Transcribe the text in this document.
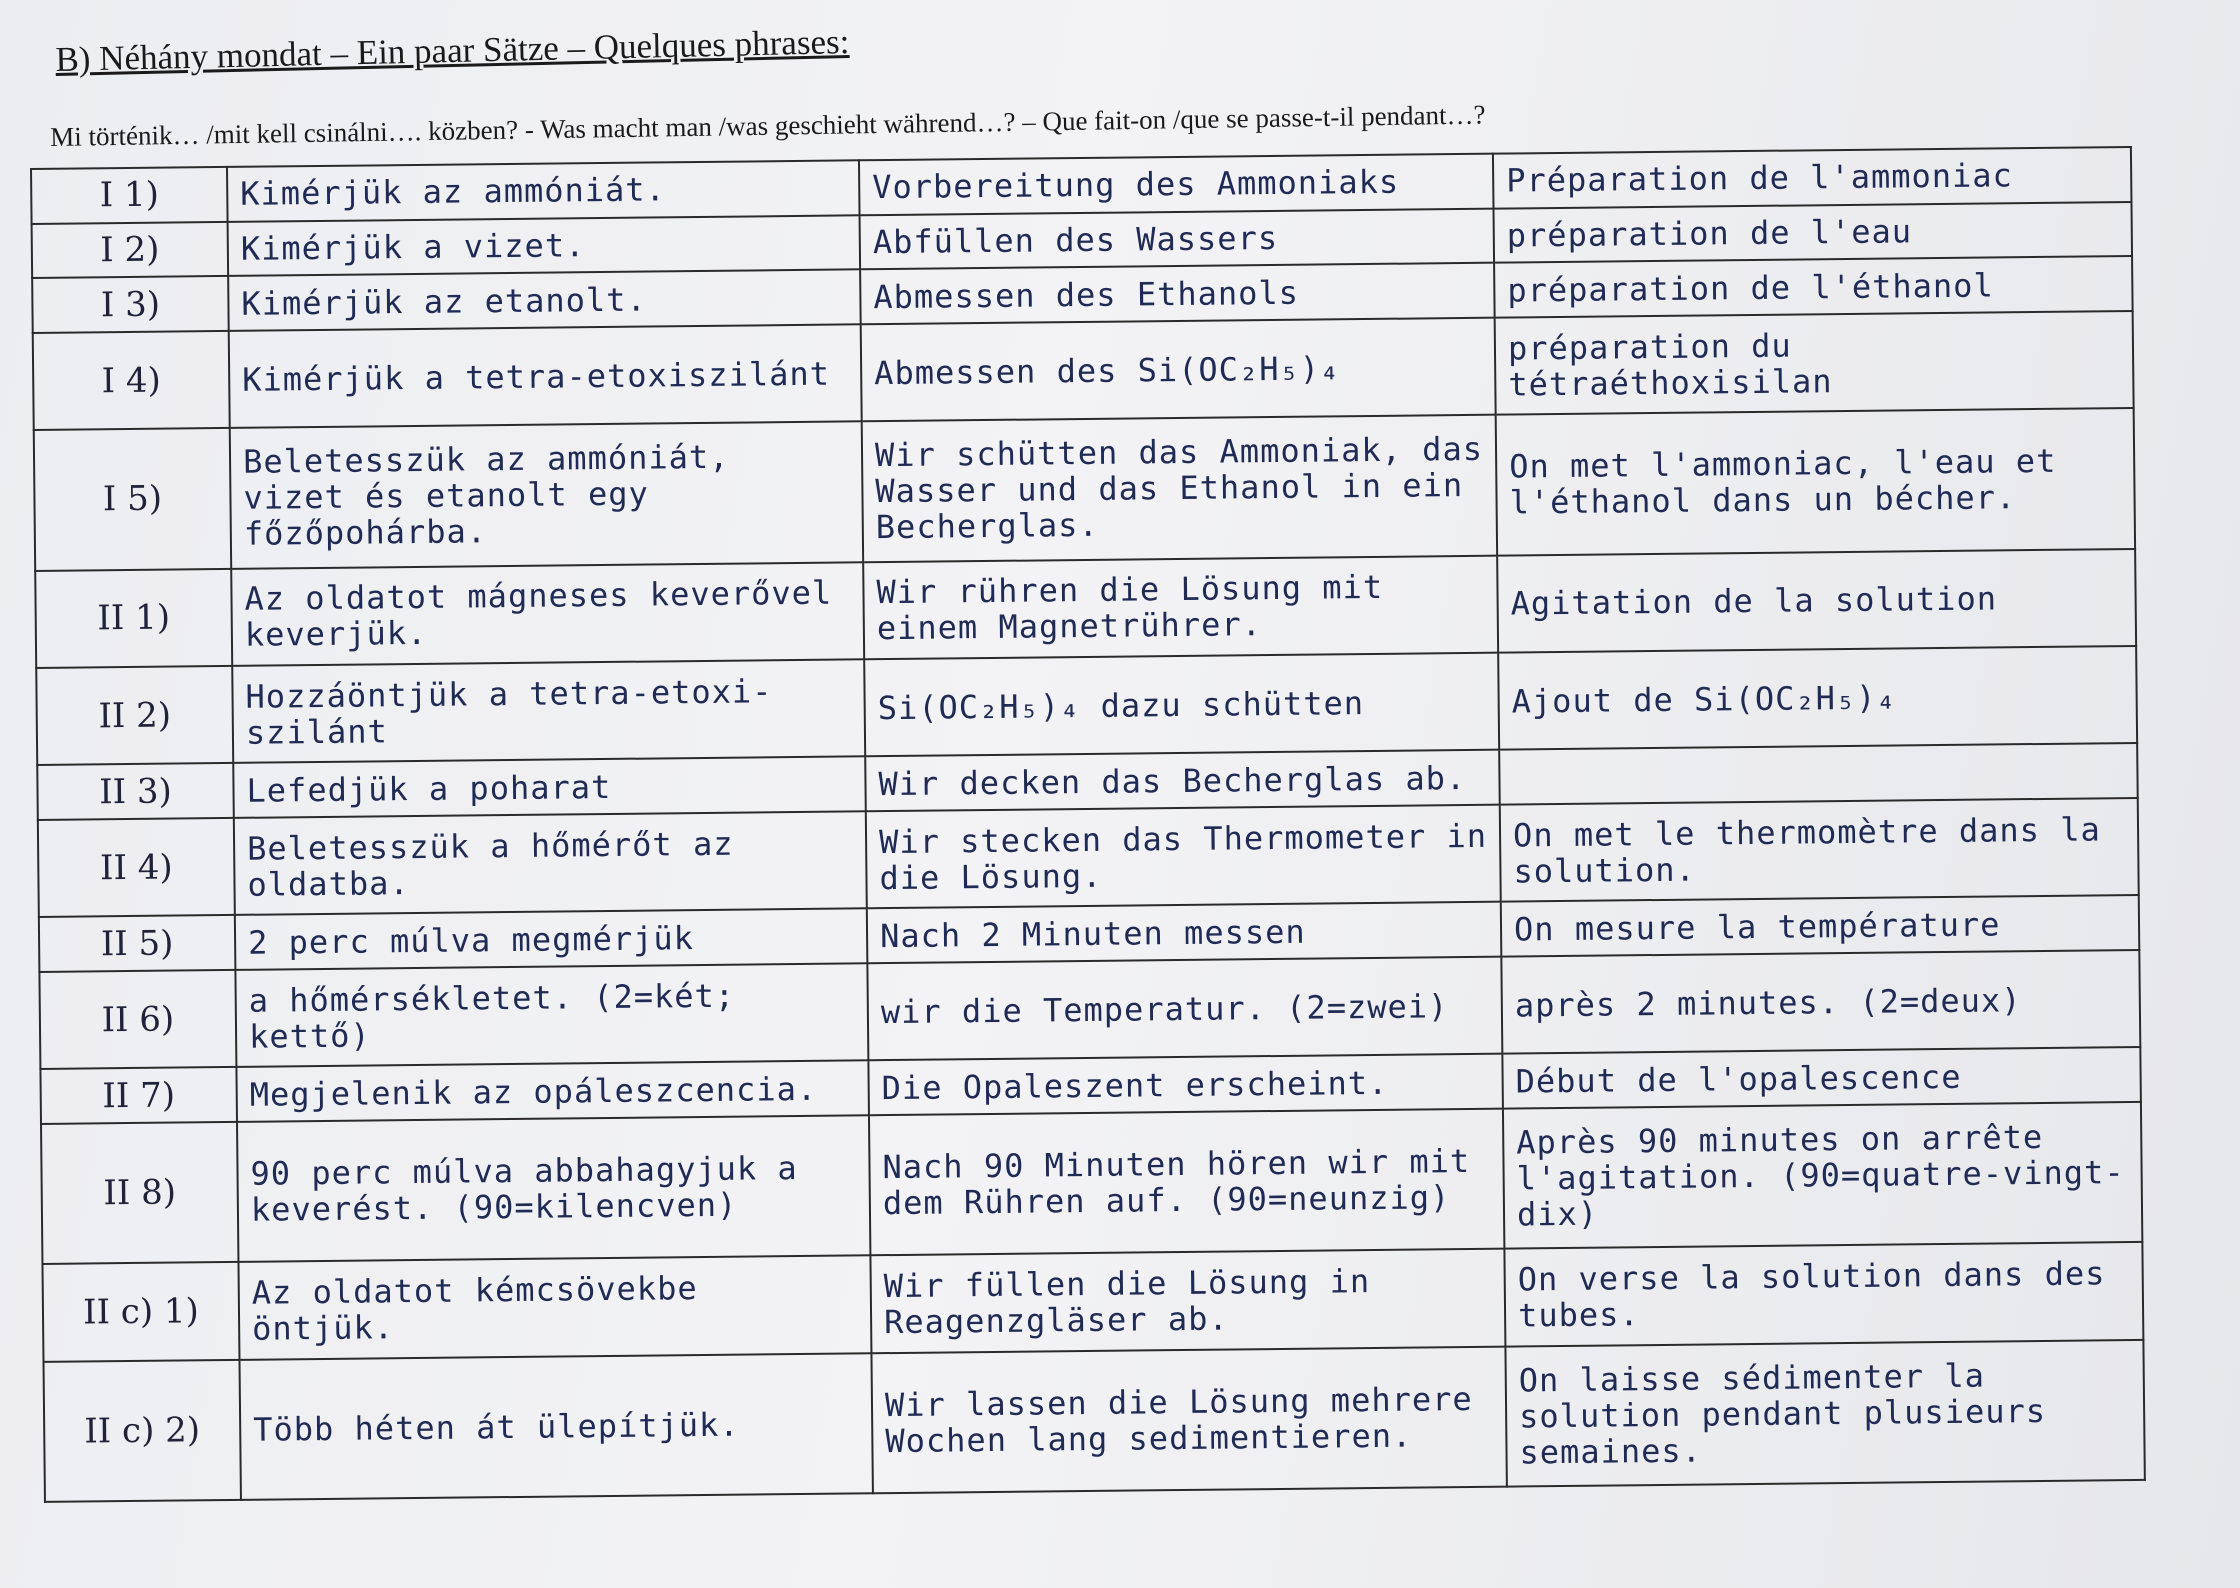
B) Néhány mondat – Ein paar Sätze – Quelques phrases:
Mi történik… /mit kell csinálni…. közben? - Was macht man /was geschieht während…? – Que fait-on /que se passe-t-il pendant…?
I 1)	Kimérjük az ammóniát.	Vorbereitung des Ammoniaks	Préparation de l'ammoniac
I 2)	Kimérjük a vizet.	Abfüllen des Wassers	préparation de l'eau
I 3)	Kimérjük az etanolt.	Abmessen des Ethanols	préparation de l'éthanol
I 4)	Kimérjük a tetra-etoxiszilánt	Abmessen des Si(OC₂H₅)₄	préparation du tétraéthoxisilan
I 5)	Beletesszük az ammóniát, vizet és etanolt egy főzőpohárba.	Wir schütten das Ammoniak, das Wasser und das Ethanol in ein Becherglas.	On met l'ammoniac, l'eau et l'éthanol dans un bécher.
II 1)	Az oldatot mágneses keverővel keverjük.	Wir rühren die Lösung mit einem Magnetrührer.	Agitation de la solution
II 2)	Hozzáöntjük a tetra-etoxi-szilánt	Si(OC₂H₅)₄ dazu schütten	Ajout de Si(OC₂H₅)₄
II 3)	Lefedjük a poharat	Wir decken das Becherglas ab.	
II 4)	Beletesszük a hőmérőt az oldatba.	Wir stecken das Thermometer in die Lösung.	On met le thermomètre dans la solution.
II 5)	2 perc múlva megmérjük	Nach 2 Minuten messen	On mesure la température
II 6)	a hőmérsékletet. (2=két; kettő)	wir die Temperatur. (2=zwei)	après 2 minutes. (2=deux)
II 7)	Megjelenik az opáleszcencia.	Die Opaleszent erscheint.	Début de l'opalescence
II 8)	90 perc múlva abbahagyjuk a keverést. (90=kilencven)	Nach 90 Minuten hören wir mit dem Rühren auf. (90=neunzig)	Après 90 minutes on arrête l'agitation. (90=quatre-vingt-dix)
II c) 1)	Az oldatot kémcsövekbe öntjük.	Wir füllen die Lösung in Reagenzgläser ab.	On verse la solution dans des tubes.
II c) 2)	Több héten át ülepítjük.	Wir lassen die Lösung mehrere Wochen lang sedimentieren.	On laisse sédimenter la solution pendant plusieurs semaines.
